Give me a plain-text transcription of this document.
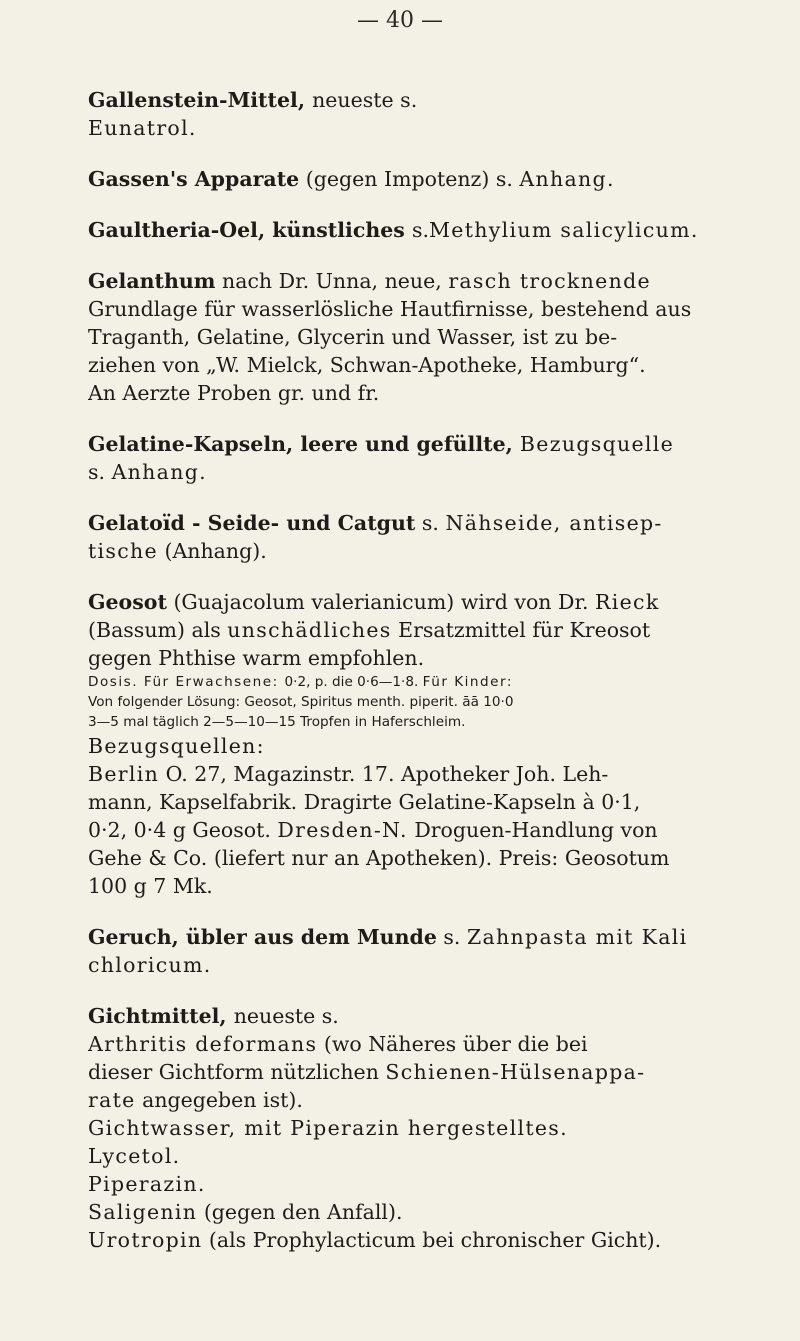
— 40 —
Gallenstein-Mittel, neueste s.
Eunatrol.
Gassen's Apparate (gegen Impotenz) s. Anhang.
Gaultheria-Oel, künstliches s.Methylium salicylicum.
Gelanthum nach Dr. Unna, neue, rasch trocknende
Grundlage für wasserlösliche Hautfirnisse, bestehend aus
Traganth, Gelatine, Glycerin und Wasser, ist zu be-
ziehen von „W. Mielck, Schwan-Apotheke, Hamburg“.
An Aerzte Proben gr. und fr.
Gelatine-Kapseln, leere und gefüllte, Bezugsquelle
s. Anhang.
Gelatoïd - Seide- und Catgut s. Nähseide, antisep-
tische (Anhang).
Geosot (Guajacolum valerianicum) wird von Dr. Rieck
(Bassum) als unschädliches Ersatzmittel für Kreosot
gegen Phthise warm empfohlen.
Dosis. Für Erwachsene: 0·2, p. die 0·6—1·8. Für Kinder:
Von folgender Lösung: Geosot, Spiritus menth. piperit. āā 10·0
3—5 mal täglich 2—5—10—15 Tropfen in Haferschleim.
Bezugsquellen:
Berlin O. 27, Magazinstr. 17. Apotheker Joh. Leh-
mann, Kapselfabrik. Dragirte Gelatine-Kapseln à 0·1,
0·2, 0·4 g Geosot. Dresden-N. Droguen-Handlung von
Gehe & Co. (liefert nur an Apotheken). Preis: Geosotum
100 g 7 Mk.
Geruch, übler aus dem Munde s. Zahnpasta mit Kali
chloricum.
Gichtmittel, neueste s.
Arthritis deformans (wo Näheres über die bei
dieser Gichtform nützlichen Schienen-Hülsenappa-
rate angegeben ist).
Gichtwasser, mit Piperazin hergestelltes.
Lycetol.
Piperazin.
Saligenin (gegen den Anfall).
Urotropin (als Prophylacticum bei chronischer Gicht).
